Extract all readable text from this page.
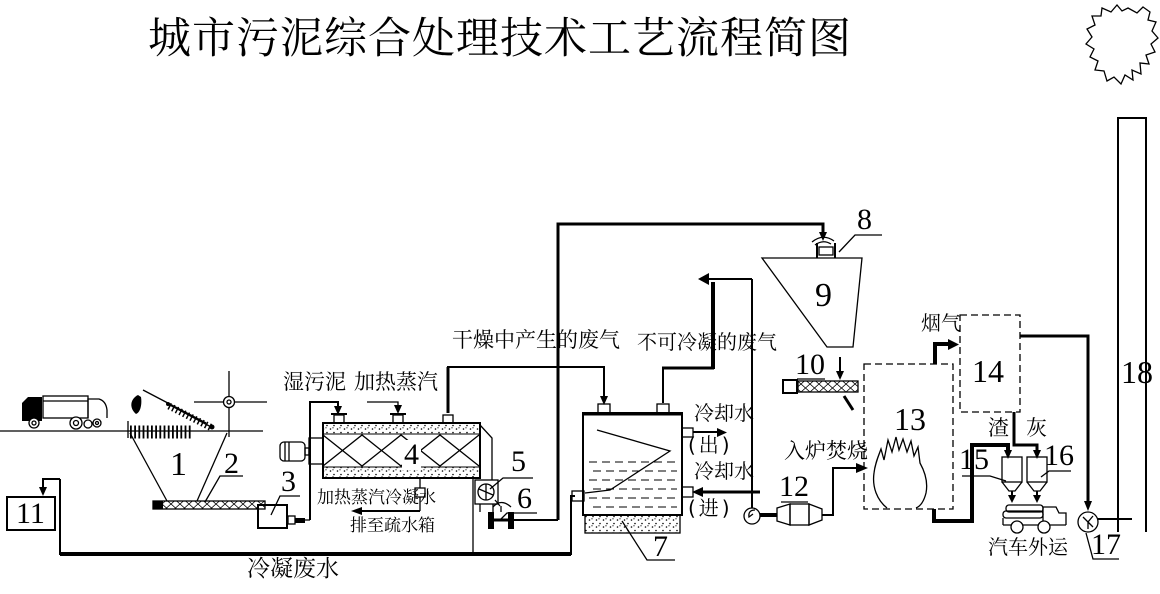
城市污泥综合处理技术工艺流程简图
1 2
3
4	5
6
7
8
9
10
11
12
13
14
15 16
17
18
湿污泥 加热蒸汽
干燥中产生的废气 不可冷凝的废气
冷却水
(出)
冷却水
(进)
加热蒸汽冷凝水
排至疏水箱
冷凝废水
入炉焚烧
烟气
渣 灰
汽车外运
